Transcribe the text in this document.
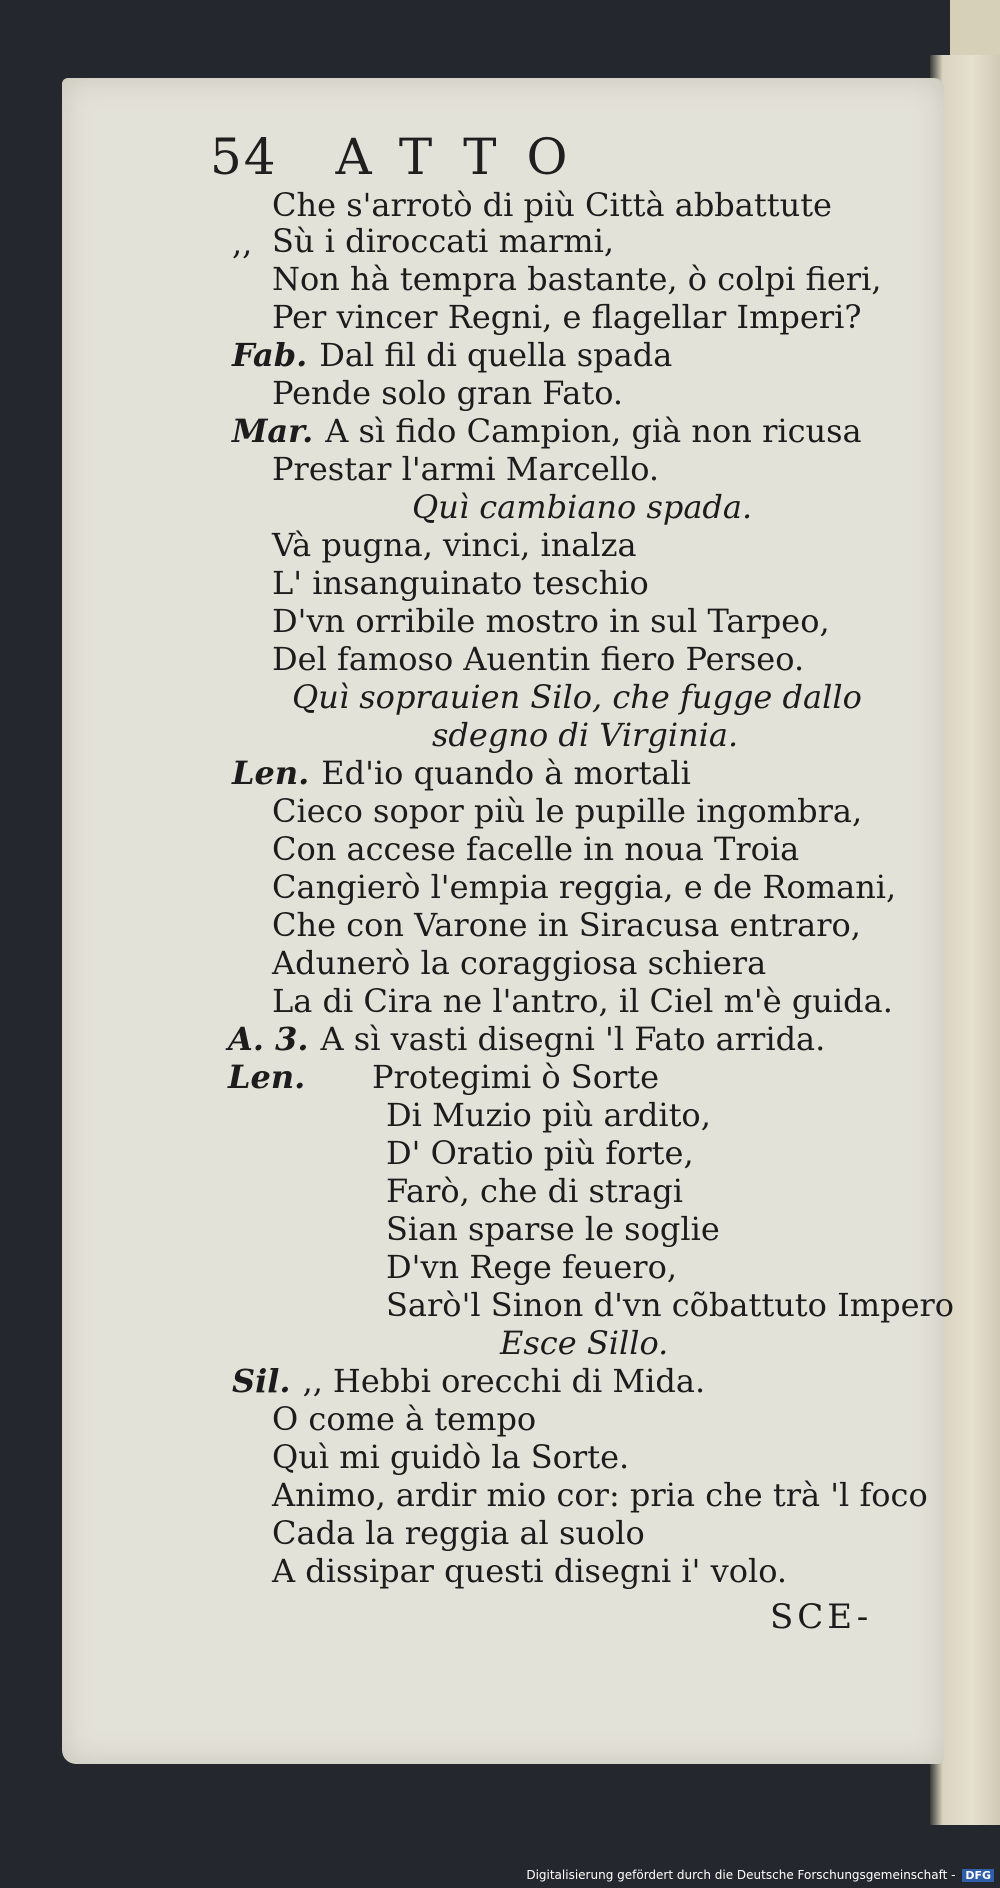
54 ATTO
Che s'arrotò di più Città abbattute
,, Sù i diroccati marmi,
Non hà tempra bastante, ò colpi fieri,
Per vincer Regni, e flagellar Imperi?
Fab. Dal fil di quella spada
Pende solo gran Fato.
Mar. A sì fido Campion, già non ricusa
Prestar l'armi Marcello.
Quì cambiano spada.
Và pugna, vinci, inalza
L' insanguinato teschio
D'vn orribile mostro in sul Tarpeo,
Del famoso Auentin fiero Perseo.
Quì soprauien Silo, che fugge dallo
sdegno di Virginia.
Len. Ed'io quando à mortali
Cieco sopor più le pupille ingombra,
Con accese facelle in noua Troia
Cangierò l'empia reggia, e de Romani,
Che con Varone in Siracusa entraro,
Adunerò la coraggiosa schiera
La di Cira ne l'antro, il Ciel m'è guida.
A. 3. A sì vasti disegni 'l Fato arrida.
Len. Protegimi ò Sorte
Di Muzio più ardito,
D' Oratio più forte,
Farò, che di stragi
Sian sparse le soglie
D'vn Rege feuero,
Sarò'l Sinon d'vn cõbattuto Impero
Esce Sillo.
Sil. ,, Hebbi orecchi di Mida.
O come à tempo
Quì mi guidò la Sorte.
Animo, ardir mio cor: pria che trà 'l foco
Cada la reggia al suolo
A dissipar questi disegni i' volo.
SCE-
Digitalisierung gefördert durch die Deutsche Forschungsgemeinschaft - DFG
